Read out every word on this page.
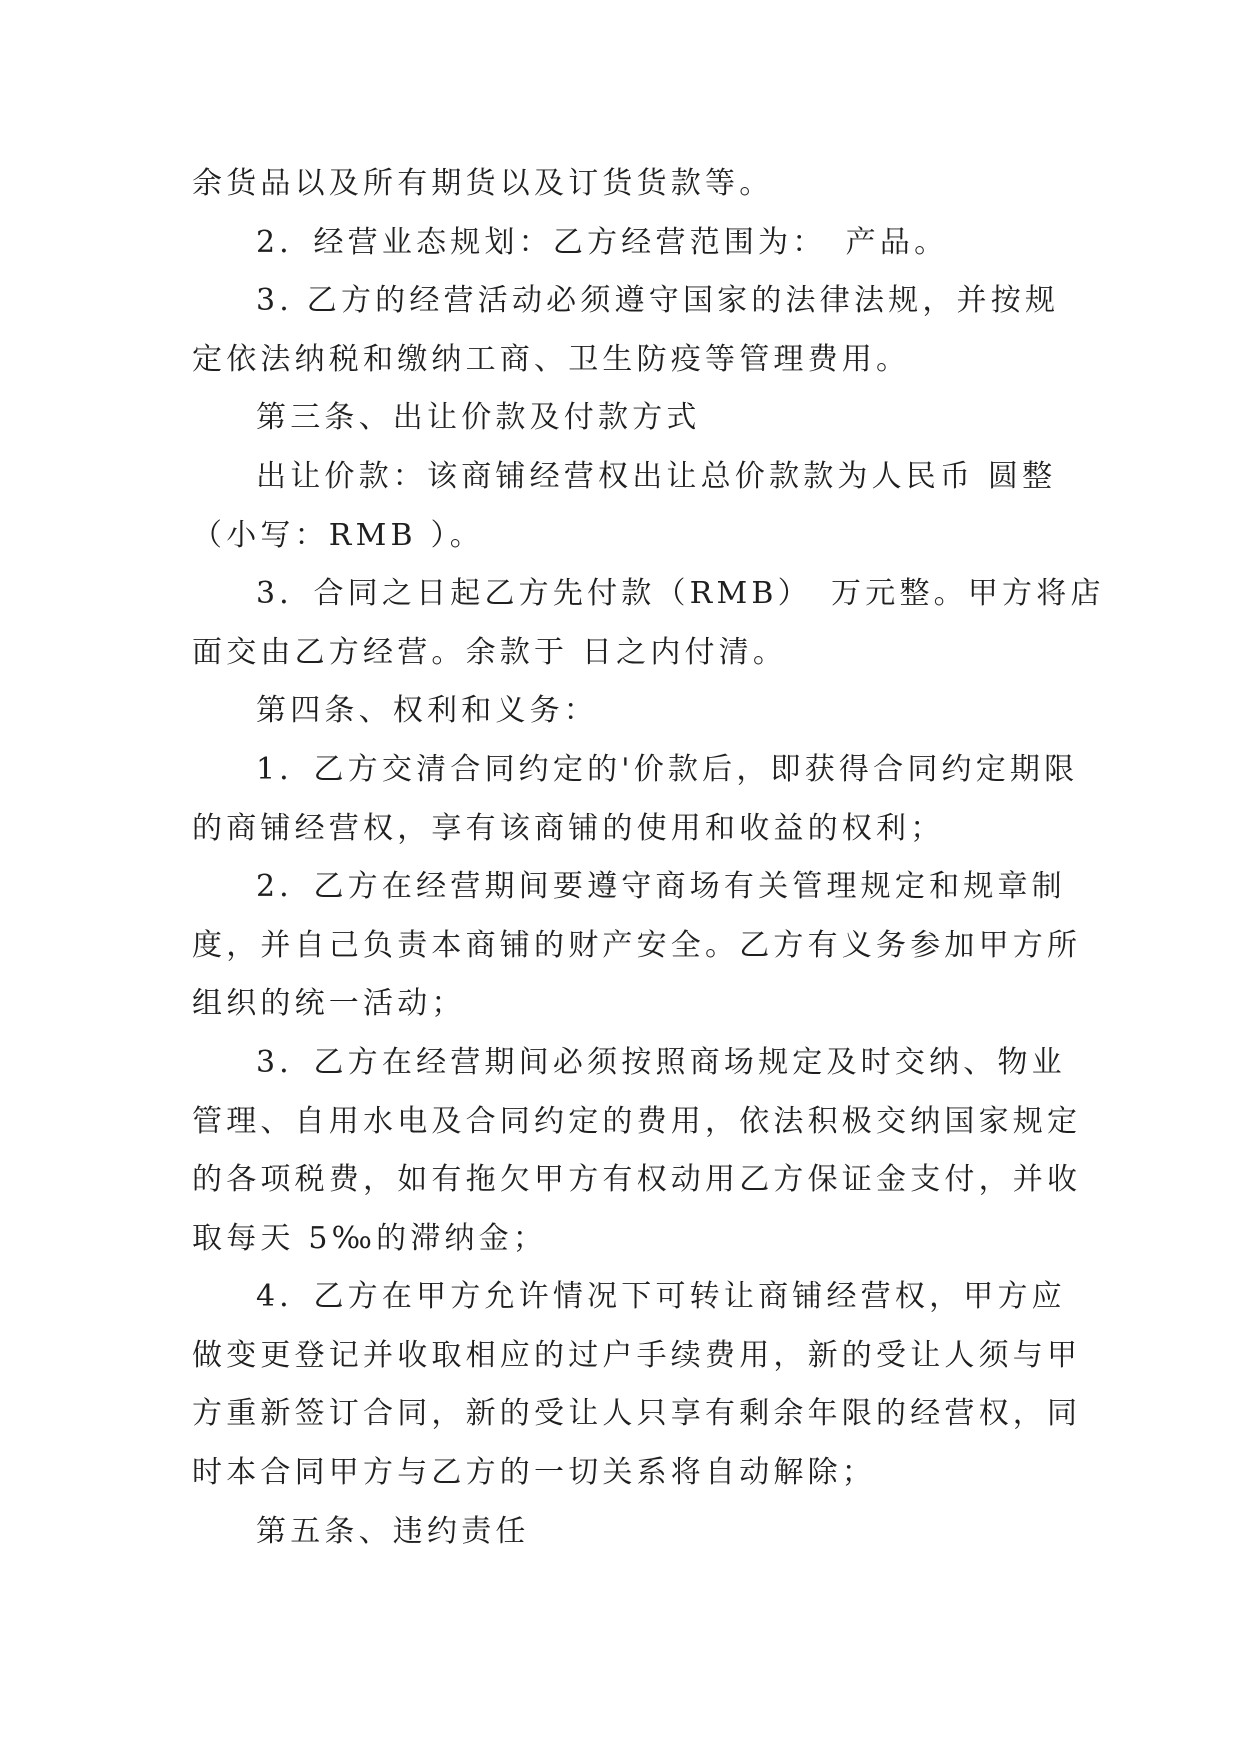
余货品以及所有期货以及订货货款等。
2．经营业态规划：乙方经营范围为：　产品。
3. 乙方的经营活动必须遵守国家的法律法规，并按规
定依法纳税和缴纳工商、卫生防疫等管理费用。
第三条、出让价款及付款方式
出让价款：该商铺经营权出让总价款款为人民币 圆整
（小写：RMB ）。
3．合同之日起乙方先付款（RMB）　万元整。甲方将店
面交由乙方经营。余款于 日之内付清。
第四条、权利和义务：
1．乙方交清合同约定的'价款后，即获得合同约定期限
的商铺经营权，享有该商铺的使用和收益的权利；
2．乙方在经营期间要遵守商场有关管理规定和规章制
度，并自己负责本商铺的财产安全。乙方有义务参加甲方所
组织的统一活动；
3．乙方在经营期间必须按照商场规定及时交纳、物业
管理、自用水电及合同约定的费用，依法积极交纳国家规定
的各项税费，如有拖欠甲方有权动用乙方保证金支付，并收
取每天 5‰的滞纳金；
4．乙方在甲方允许情况下可转让商铺经营权，甲方应
做变更登记并收取相应的过户手续费用，新的受让人须与甲
方重新签订合同，新的受让人只享有剩余年限的经营权，同
时本合同甲方与乙方的一切关系将自动解除；
第五条、违约责任
